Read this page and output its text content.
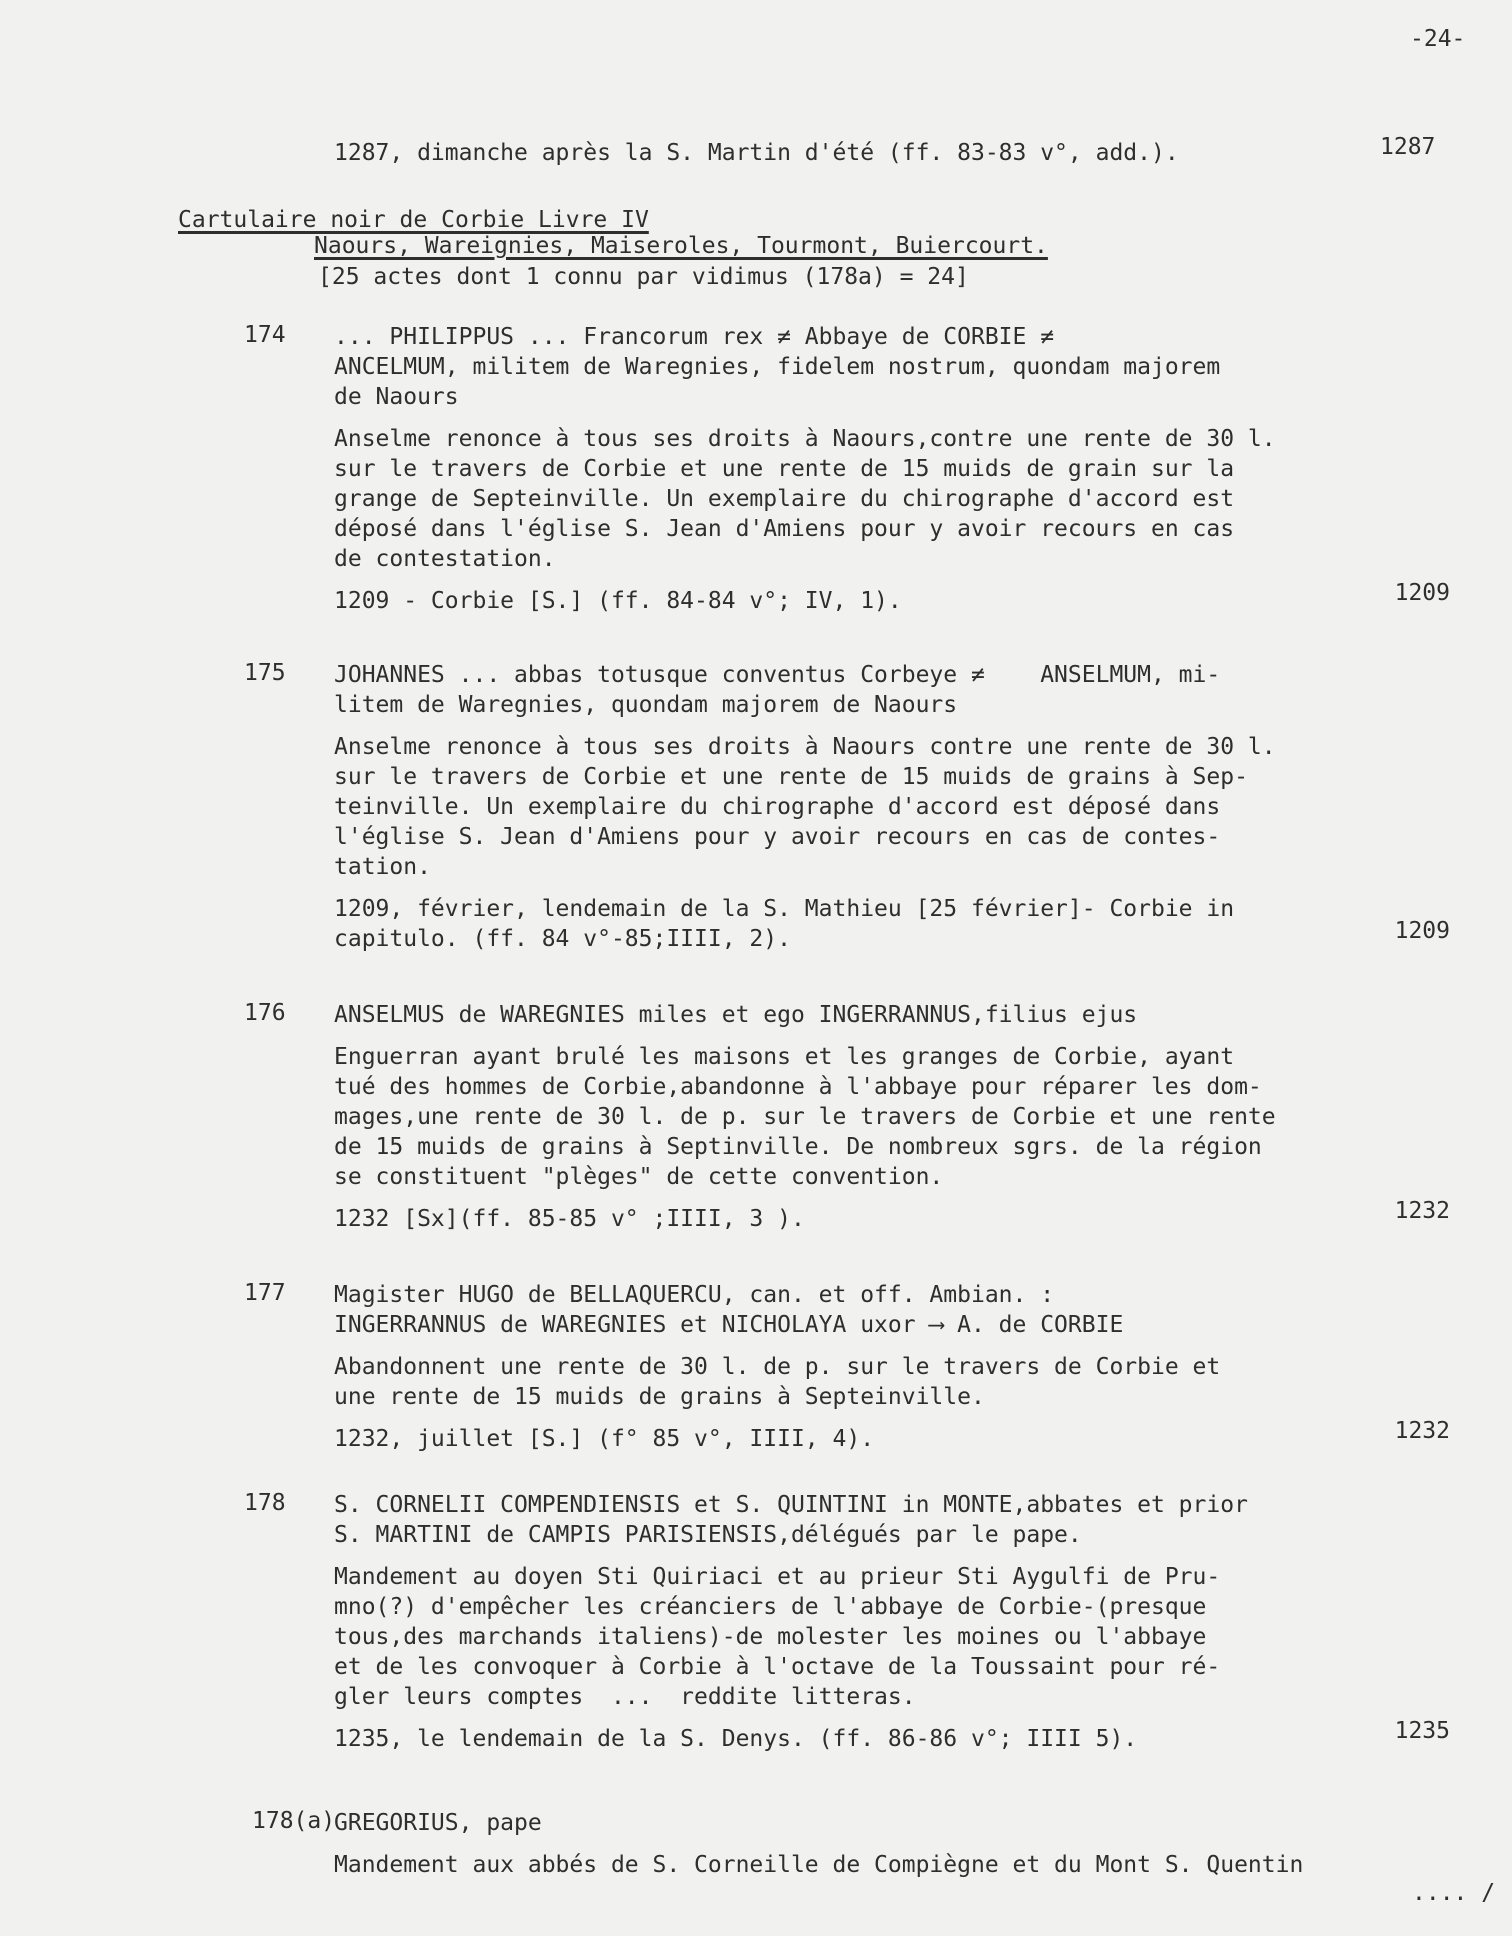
-24-
1287, dimanche après la S. Martin d'été (ff. 83-83 v°, add.).	1287
Cartulaire noir de Corbie Livre IV
Naours, Wareignies, Maiseroles, Tourmont, Buiercourt.
[25 actes dont 1 connu par vidimus (178a) = 24]
174 ... PHILIPPUS ... Francorum rex ≠ Abbaye de CORBIE ≠
ANCELMUM, militem de Waregnies, fidelem nostrum, quondam majorem
de Naours
Anselme renonce à tous ses droits à Naours,contre une rente de 30 l.
sur le travers de Corbie et une rente de 15 muids de grain sur la
grange de Septeinville. Un exemplaire du chirographe d'accord est
déposé dans l'église S. Jean d'Amiens pour y avoir recours en cas
de contestation.
1209 - Corbie [S.] (ff. 84-84 v°; IV, 1).	1209
175 JOHANNES ... abbas totusque conventus Corbeye ≠    ANSELMUM, mi-
litem de Waregnies, quondam majorem de Naours
Anselme renonce à tous ses droits à Naours contre une rente de 30 l.
sur le travers de Corbie et une rente de 15 muids de grains à Sep-
teinville. Un exemplaire du chirographe d'accord est déposé dans
l'église S. Jean d'Amiens pour y avoir recours en cas de contes-
tation.
1209, février, lendemain de la S. Mathieu [25 février]- Corbie in
capitulo. (ff. 84 v°-85;IIII, 2).	1209
176 ANSELMUS de WAREGNIES miles et ego INGERRANNUS,filius ejus
Enguerran ayant brulé les maisons et les granges de Corbie, ayant
tué des hommes de Corbie,abandonne à l'abbaye pour réparer les dom-
mages,une rente de 30 l. de p. sur le travers de Corbie et une rente
de 15 muids de grains à Septinville. De nombreux sgrs. de la région
se constituent "plèges" de cette convention.
1232 [Sx](ff. 85-85 v° ;IIII, 3 ).	1232
177 Magister HUGO de BELLAQUERCU, can. et off. Ambian. :
INGERRANNUS de WAREGNIES et NICHOLAYA uxor ⟶ A. de CORBIE
Abandonnent une rente de 30 l. de p. sur le travers de Corbie et
une rente de 15 muids de grains à Septeinville.
1232, juillet [S.] (f° 85 v°, IIII, 4).	1232
178 S. CORNELII COMPENDIENSIS et S. QUINTINI in MONTE,abbates et prior
S. MARTINI de CAMPIS PARISIENSIS,délégués par le pape.
Mandement au doyen Sti Quiriaci et au prieur Sti Aygulfi de Pru-
mno(?) d'empêcher les créanciers de l'abbaye de Corbie-(presque
tous,des marchands italiens)-de molester les moines ou l'abbaye
et de les convoquer à Corbie à l'octave de la Toussaint pour ré-
gler leurs comptes  ...  reddite litteras.
1235, le lendemain de la S. Denys. (ff. 86-86 v°; IIII 5).	1235
178(a)
GREGORIUS, pape
Mandement aux abbés de S. Corneille de Compiègne et du Mont S. Quentin
.... /
